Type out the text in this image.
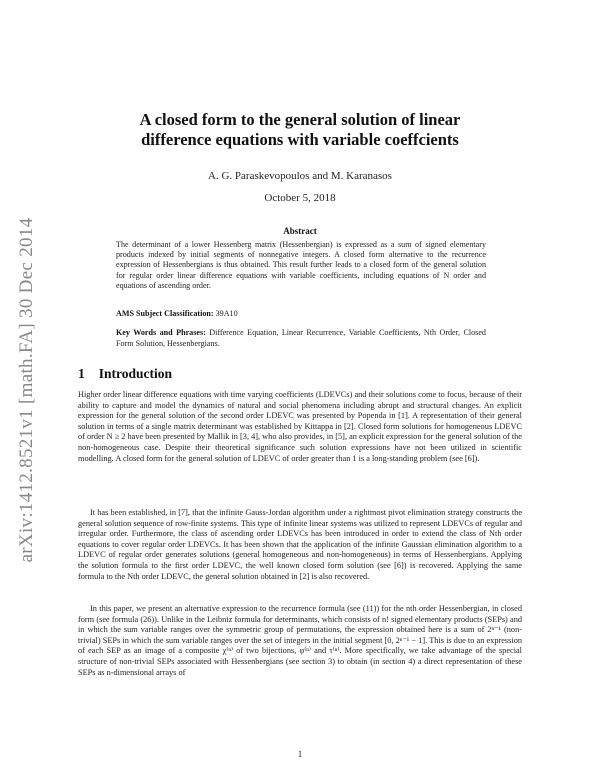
arXiv:1412.8521v1 [math.FA] 30 Dec 2014
A closed form to the general solution of linear
difference equations with variable coeffcients
A. G. Paraskevopoulos and M. Karanasos
October 5, 2018
Abstract
The determinant of a lower Hessenberg matrix (Hessenbergian) is expressed as a sum of signed elementary products indexed by initial segments of nonnegative integers. A closed form alternative to the recurrence expression of Hessenbergians is thus obtained. This result further leads to a closed form of the general solution for regular order linear difference equations with variable coefficients, including equations of N order and equations of ascending order.
AMS Subject Classification: 39A10
Key Words and Phrases: Difference Equation, Linear Recurrence, Variable Coefficients, Nth Order, Closed Form Solution, Hessenbergians.
1 Introduction

Higher order linear difference equations with time varying coefficients (LDEVCs) and their solutions come to focus, because of their ability to capture and model the dynamics of natural and social phenomena including abrupt and structural changes. An explicit expression for the general solution of the second order LDEVC was presented by Popenda in [1]. A representation of their general solution in terms of a single matrix determinant was established by Kittappa in [2]. Closed form solutions for homogeneous LDEVC of order N ≥ 2 have been presented by Mallik in [3, 4], who also provides, in [5], an explicit expression for the general solution of the non-homogeneous case. Despite their theoretical significance such solution expressions have not been utilized in scientific modelling. A closed form for the general solution of LDEVC of order greater than 1 is a long-standing problem (see [6]).

It has been established, in [7], that the infinite Gauss-Jordan algorithm under a rightmost pivot elimination strategy constructs the general solution sequence of row-finite systems. This type of infinite linear systems was utilized to represent LDEVCs of regular and irregular order. Furthermore, the class of ascending order LDEVCs has been introduced in order to extend the class of Nth order equations to cover regular order LDEVCs. It has been shown that the application of the infinite Gaussian elimination algorithm to a LDEVC of regular order generates solutions (general homogeneous and non-homogeneous) in terms of Hessenbergians. Applying the solution formula to the first order LDEVC, the well known closed form solution (see [6]) is recovered. Applying the same formula to the Nth order LDEVC, the general solution obtained in [2] is also recovered.

In this paper, we present an alternative expression to the recurrence formula (see (11)) for the nth order Hessenbergian, in closed form (see formula (26)). Unlike in the Leibniz formula for determinants, which consists of n! signed elementary products (SEPs) and in which the sum variable ranges over the symmetric group of permutations, the expression obtained here is a sum of 2ⁿ⁻¹ (non-trivial) SEPs in which the sum variable ranges over the set of integers in the initial segment [0, 2ⁿ⁻¹ − 1]. This is due to an expression of each SEP as an image of a composite χ⁽ⁿ⁾ of two bijections, φ⁽ⁿ⁾ and τ⁽ⁿ⁾. More specifically, we take advantage of the special structure of non-trivial SEPs associated with Hessenbergians (see section 3) to obtain (in section 4) a direct representation of these SEPs as n-dimensional arrays of

1
